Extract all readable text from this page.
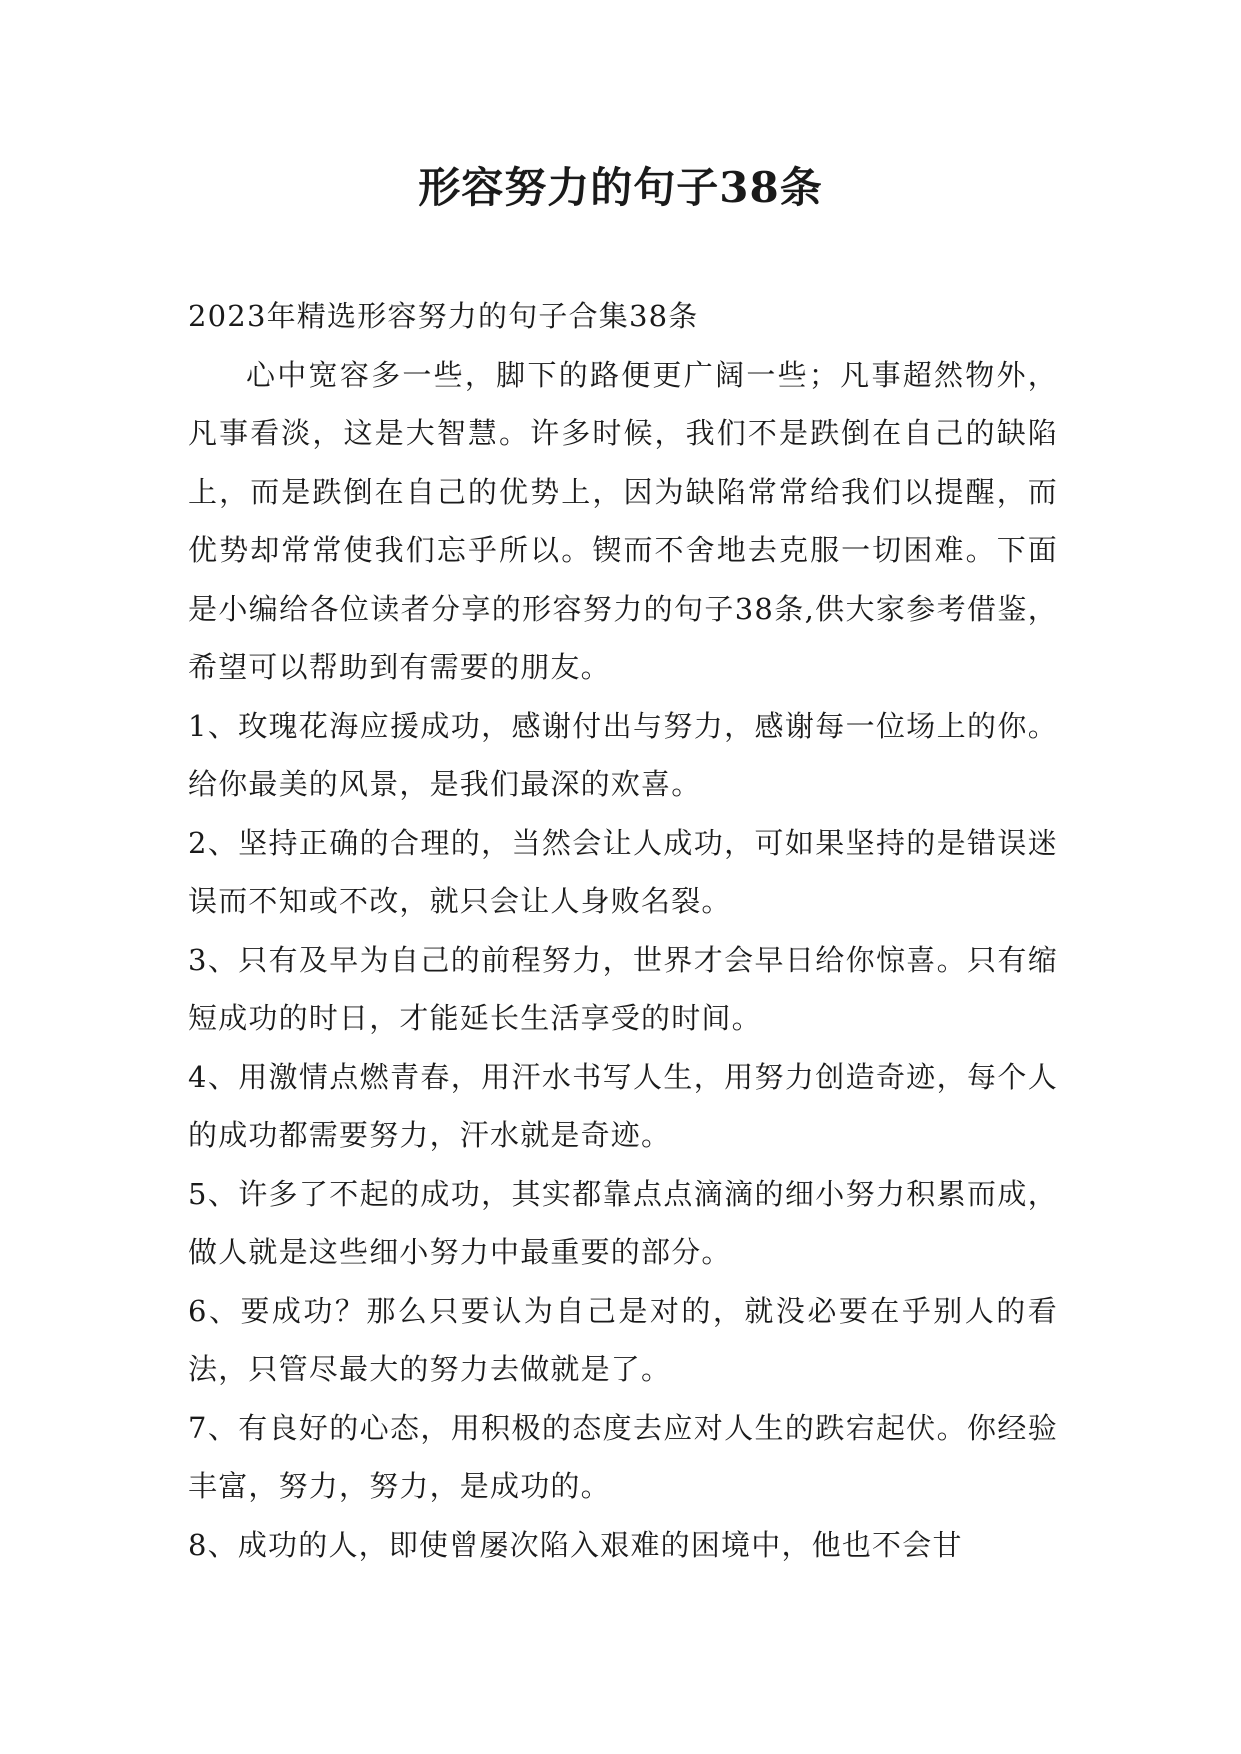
形容努力的句子38条

2023年精选形容努力的句子合集38条

心中宽容多一些，脚下的路便更广阔一些；凡事超然物外，凡事看淡，这是大智慧。许多时候，我们不是跌倒在自己的缺陷上，而是跌倒在自己的优势上，因为缺陷常常给我们以提醒，而优势却常常使我们忘乎所以。锲而不舍地去克服一切困难。下面是小编给各位读者分享的形容努力的句子38条,供大家参考借鉴，希望可以帮助到有需要的朋友。

1、玫瑰花海应援成功，感谢付出与努力，感谢每一位场上的你。给你最美的风景，是我们最深的欢喜。

2、坚持正确的合理的，当然会让人成功，可如果坚持的是错误迷误而不知或不改，就只会让人身败名裂。

3、只有及早为自己的前程努力，世界才会早日给你惊喜。只有缩短成功的时日，才能延长生活享受的时间。

4、用激情点燃青春，用汗水书写人生，用努力创造奇迹，每个人的成功都需要努力，汗水就是奇迹。

5、许多了不起的成功，其实都靠点点滴滴的细小努力积累而成，做人就是这些细小努力中最重要的部分。

6、要成功？那么只要认为自己是对的，就没必要在乎别人的看法，只管尽最大的努力去做就是了。

7、有良好的心态，用积极的态度去应对人生的跌宕起伏。你经验丰富，努力，努力，是成功的。

8、成功的人，即使曾屡次陷入艰难的困境中，他也不会甘
